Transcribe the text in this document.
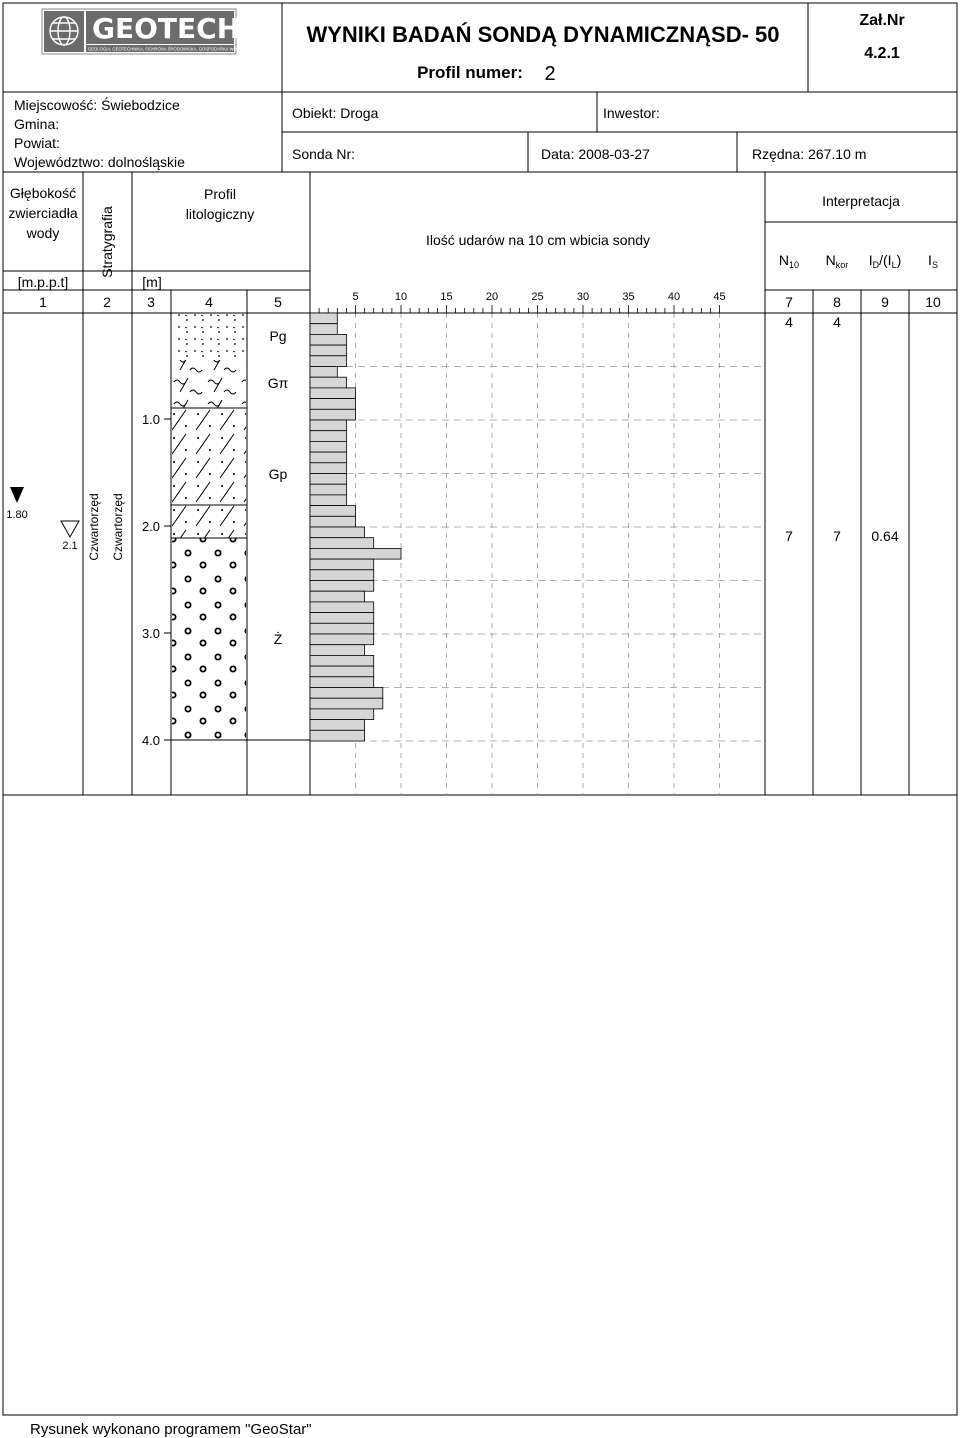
GEOTECH
GEOLOGIA, GEOTECHNIKA, OCHRONA ŚRODOWISKA, GOSPODARKA WODNA
WYNIKI BADAŃ SONDĄ DYNAMICZNĄSD- 50
Profil numer: 2
Zał.Nr
4.2.1
Miejscowość: Świebodzice
Gmina:
Powiat:
Województwo: dolnośląskie
Obiekt: Droga	Inwestor:
Sonda Nr:	Data: 2008-03-27	Rzędna: 267.10 m
Głębokość
zwierciadła
wody
[m.p.p.t]
Stratygrafia
Profil
litologiczny
[m]
Ilość udarów na 10 cm wbicia sondy
Interpretacja
$N_{10}$ $N_{kor}$ $I_D/(I_L)$ $I_S$
1	2	3	4	5	7	8	9	10
Pg
Gπ
Gp
Ż
1.0
2.0
3.0
4.0
1.80
2.1 Czwartorzęd Czwartorzęd
5	10	15	20	25	30	35	40	45
4	4
7	7 0.64
Rysunek wykonano programem "GeoStar"
